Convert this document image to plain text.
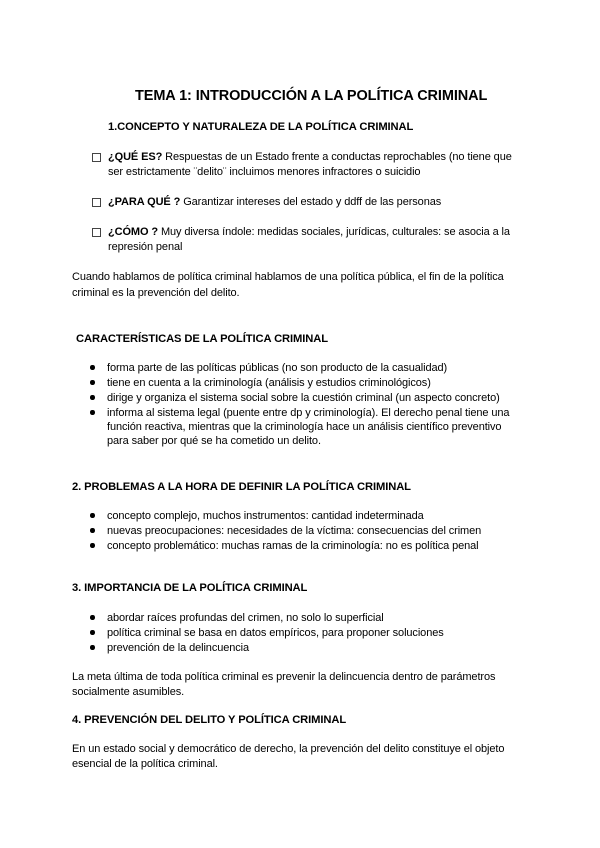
TEMA 1: INTRODUCCIÓN A LA POLÍTICA CRIMINAL
1.CONCEPTO Y NATURALEZA DE LA POLÍTICA CRIMINAL
¿QUÉ ES? Respuestas de un Estado frente a conductas reprochables (no tiene que
ser estrictamente ¨delito¨ incluimos menores infractores o suicidio
¿PARA QUÉ ? Garantizar intereses del estado y ddff de las personas
¿CÓMO ? Muy diversa índole: medidas sociales, jurídicas, culturales: se asocia a la
represión penal
Cuando hablamos de política criminal hablamos de una política pública, el fin de la política
criminal es la prevención del delito.
CARACTERÍSTICAS DE LA POLÍTICA CRIMINAL
forma parte de las políticas públicas (no son producto de la casualidad)
tiene en cuenta a la criminología (análisis y estudios criminológicos)
dirige y organiza el sistema social sobre la cuestión criminal (un aspecto concreto)
informa al sistema legal (puente entre dp y criminología). El derecho penal tiene una
función reactiva, mientras que la criminología hace un análisis científico preventivo
para saber por qué se ha cometido un delito.
2. PROBLEMAS A LA HORA DE DEFINIR LA POLÍTICA CRIMINAL
concepto complejo, muchos instrumentos: cantidad indeterminada
nuevas preocupaciones: necesidades de la víctima: consecuencias del crimen
concepto problemático: muchas ramas de la criminología: no es política penal
3. IMPORTANCIA DE LA POLÍTICA CRIMINAL
abordar raíces profundas del crimen, no solo lo superficial
política criminal se basa en datos empíricos, para proponer soluciones
prevención de la delincuencia
La meta última de toda política criminal es prevenir la delincuencia dentro de parámetros
socialmente asumibles.
4. PREVENCIÓN DEL DELITO Y POLÍTICA CRIMINAL
En un estado social y democrático de derecho, la prevención del delito constituye el objeto
esencial de la política criminal.
